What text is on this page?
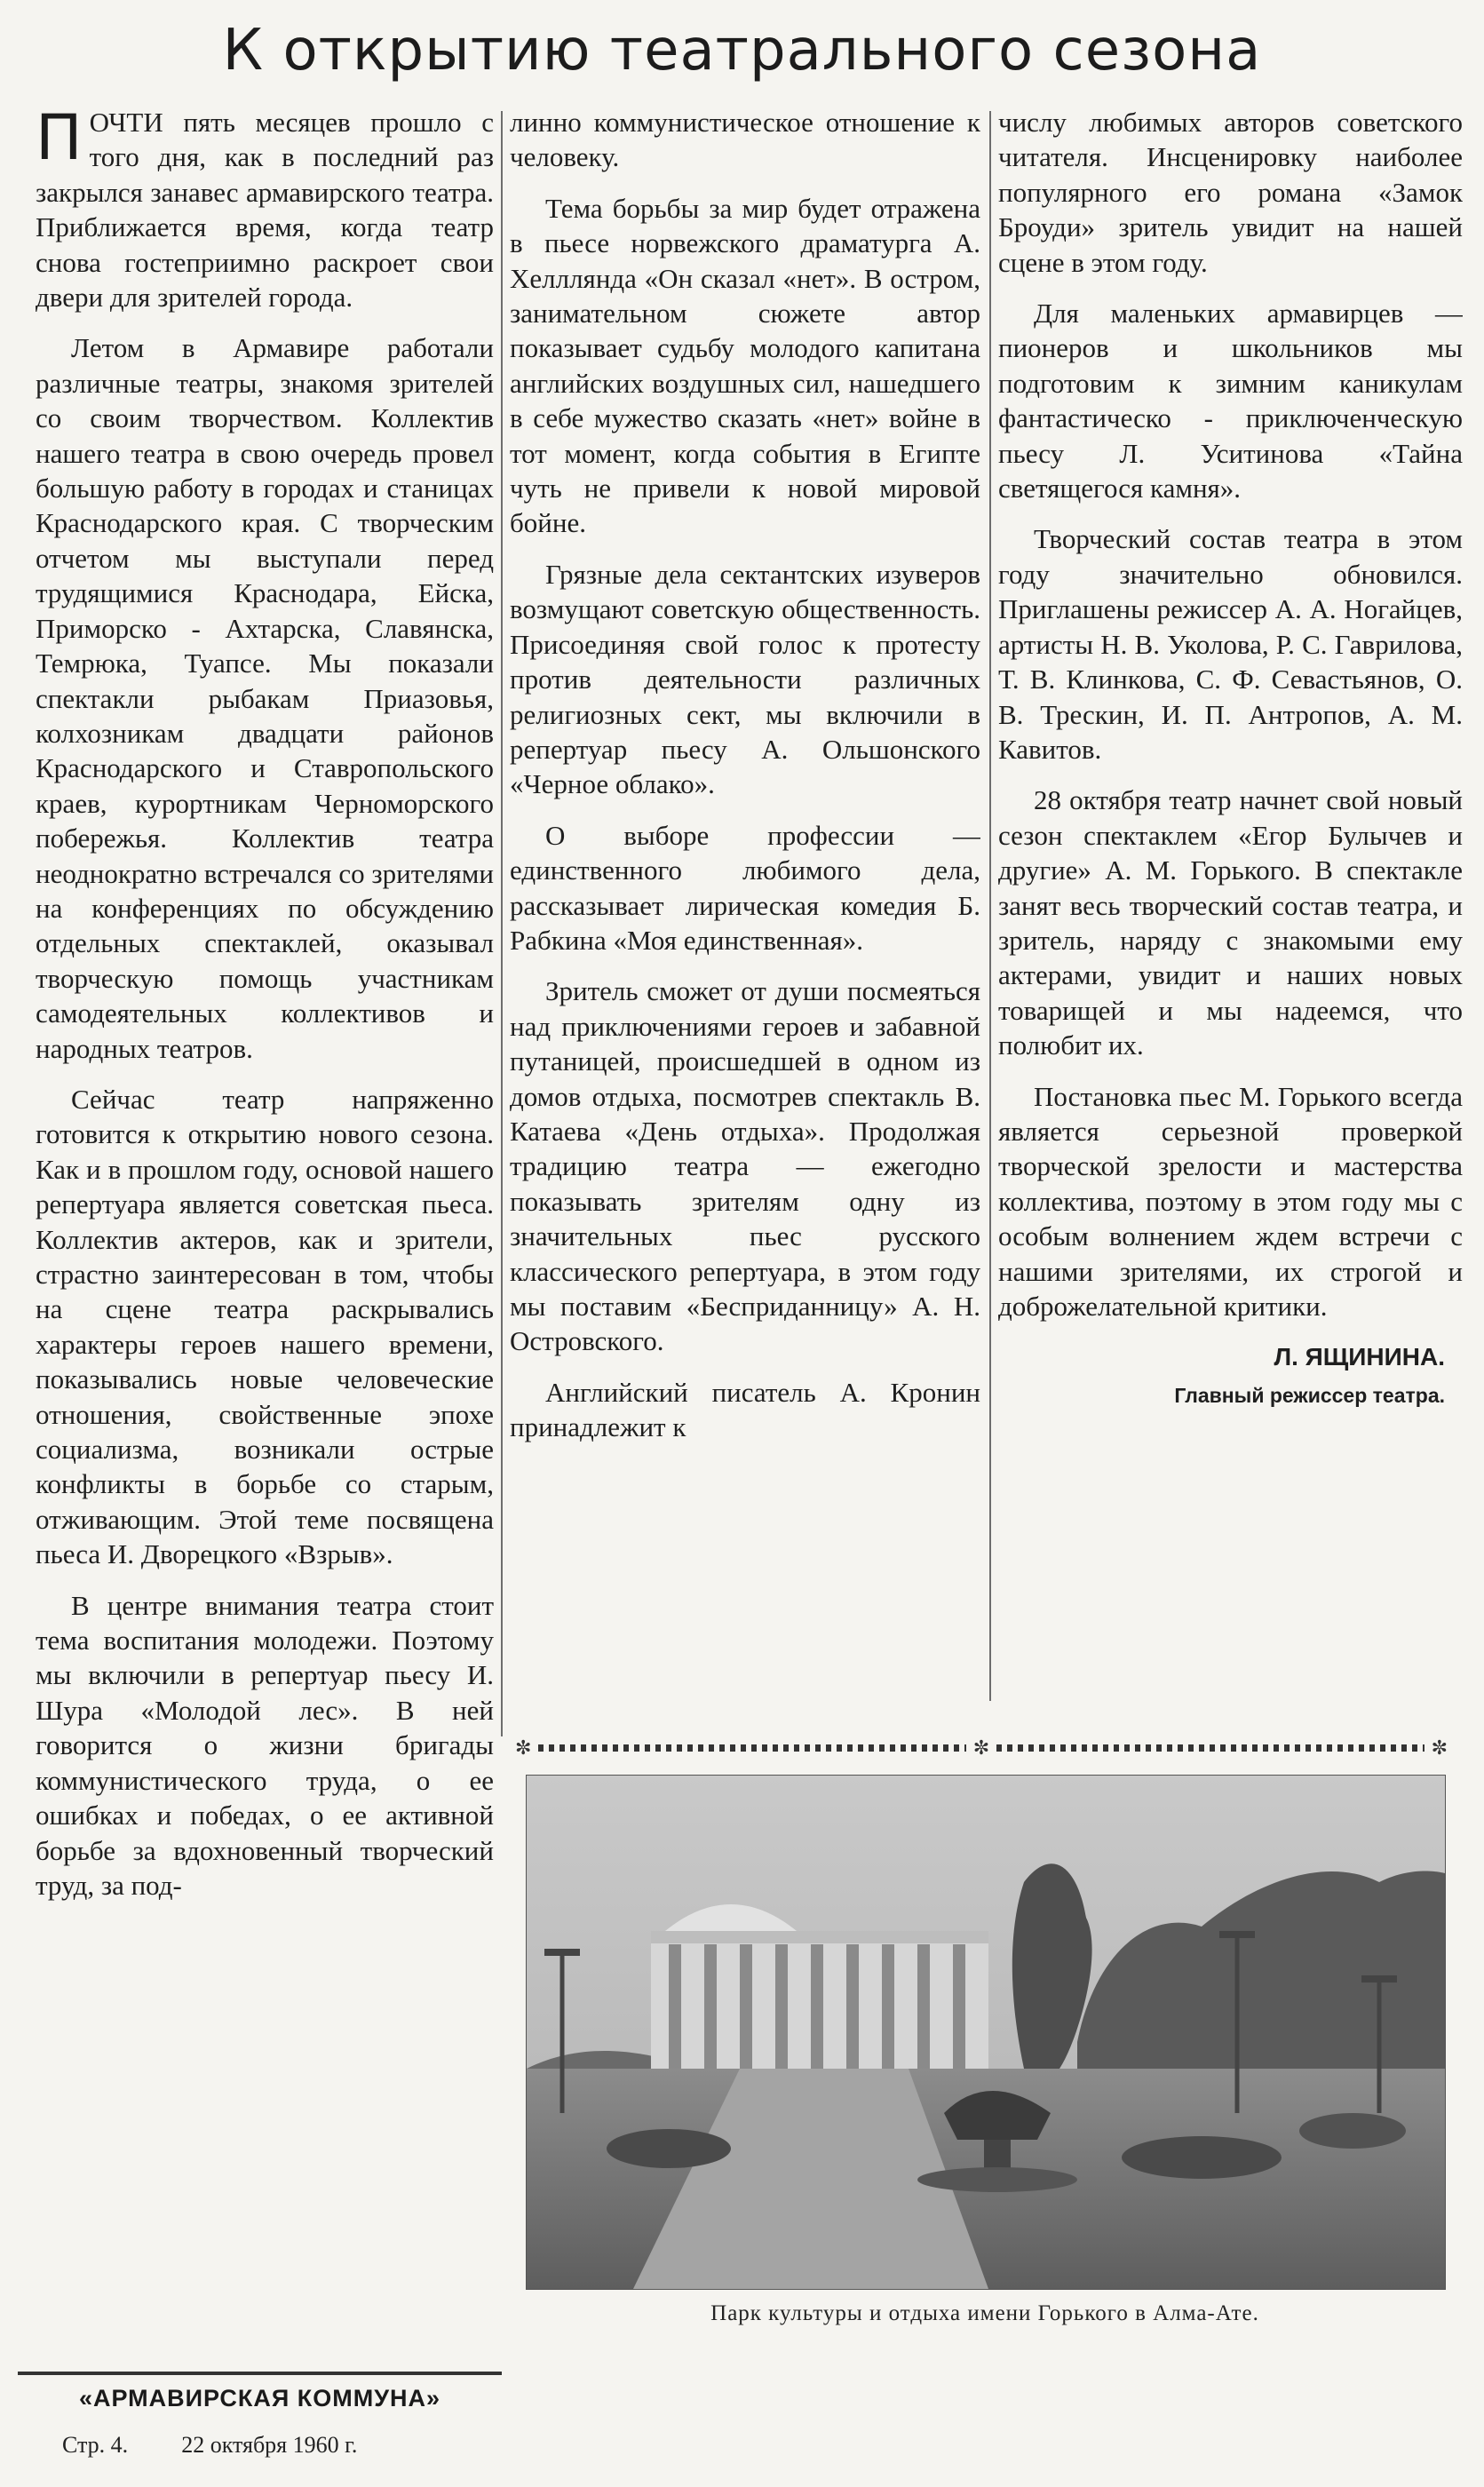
К открытию театрального сезона

ПОЧТИ пять месяцев прошло с того дня, как в последний раз закрылся занавес армавирского театра. Приближается время, когда театр снова гостеприимно раскроет свои двери для зрителей города.

Летом в Армавире работали различные театры, знакомя зрителей со своим творчеством. Коллектив нашего театра в свою очередь провел большую работу в городах и станицах Краснодарского края. С творческим отчетом мы выступали перед трудящимися Краснодара, Ейска, Приморско - Ахтарска, Славянска, Темрюка, Туапсе. Мы показали спектакли рыбакам Приазовья, колхозникам двадцати районов Краснодарского и Ставропольского краев, курортникам Черноморского побережья. Коллектив театра неоднократно встречался со зрителями на конференциях по обсуждению отдельных спектаклей, оказывал творческую помощь участникам самодеятельных коллективов и народных театров.

Сейчас театр напряженно готовится к открытию нового сезона. Как и в прошлом году, основой нашего репертуара является советская пьеса. Коллектив актеров, как и зрители, страстно заинтересован в том, чтобы на сцене театра раскрывались характеры героев нашего времени, показывались новые человеческие отношения, свойственные эпохе социализма, возникали острые конфликты в борьбе со старым, отживающим. Этой теме посвящена пьеса И. Дворецкого «Взрыв».

В центре внимания театра стоит тема воспитания молодежи. Поэтому мы включили в репертуар пьесу И. Шура «Молодой лес». В ней говорится о жизни бригады коммунистического труда, о ее ошибках и победах, о ее активной борьбе за вдохновенный творческий труд, за под-

линно коммунистическое отношение к человеку.

Тема борьбы за мир будет отражена в пьесе норвежского драматурга А. Хелллянда «Он сказал «нет». В остром, занимательном сюжете автор показывает судьбу молодого капитана английских воздушных сил, нашедшего в себе мужество сказать «нет» войне в тот момент, когда события в Египте чуть не привели к новой мировой бойне.

Грязные дела сектантских изуверов возмущают советскую общественность. Присоединяя свой голос к протесту против деятельности различных религиозных сект, мы включили в репертуар пьесу А. Ольшонского «Черное облако».

О выборе профессии — единственного любимого дела, рассказывает лирическая комедия Б. Рабкина «Моя единственная».

Зритель сможет от души посмеяться над приключениями героев и забавной путаницей, происшедшей в одном из домов отдыха, посмотрев спектакль В. Катаева «День отдыха». Продолжая традицию театра — ежегодно показывать зрителям одну из значительных пьес русского классического репертуара, в этом году мы поставим «Бесприданницу» А. Н. Островского.

Английский писатель А. Кронин принадлежит к

числу любимых авторов советского читателя. Инсценировку наиболее популярного его романа «Замок Броуди» зритель увидит на нашей сцене в этом году.

Для маленьких армавирцев —пионеров и школьников мы подготовим к зимним каникулам фантастическо - приключенческую пьесу Л. Уситинова «Тайна светящегося камня».

Творческий состав театра в этом году значительно обновился. Приглашены режиссер А. А. Ногайцев, артисты Н. В. Уколова, Р. С. Гаврилова, Т. В. Клинкова, С. Ф. Севастьянов, О. В. Трескин, И. П. Антропов, А. М. Кавитов.

28 октября театр начнет свой новый сезон спектаклем «Егор Булычев и другие» А. М. Горького. В спектакле занят весь творческий состав театра, и зритель, наряду с знакомыми ему актерами, увидит и наших новых товарищей и мы надеемся, что полюбит их.

Постановка пьес М. Горького всегда является серьезной проверкой творческой зрелости и мастерства коллектива, поэтому в этом году мы с особым волнением ждем встречи с нашими зрителями, их строгой и доброжелательной критики.

Л. ЯЩИНИНА.
Главный режиссер театра.
✼	✼	✼
Парк культуры и отдыха имени Горького в Алма-Ате.
«АРМАВИРСКАЯ КОММУНА»
Стр. 4. 22 октября 1960 г.
